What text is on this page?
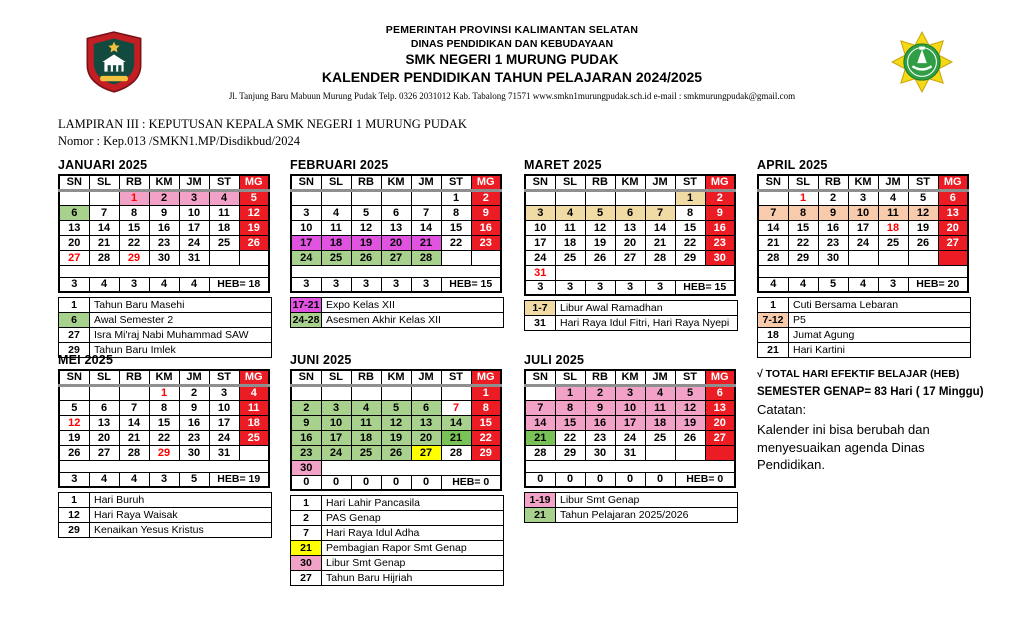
PEMERINTAH PROVINSI KALIMANTAN SELATAN
DINAS PENDIDIKAN DAN KEBUDAYAAN
SMK NEGERI 1 MURUNG PUDAK
KALENDER PENDIDIKAN TAHUN PELAJARAN 2024/2025
Jl. Tanjung Baru Mabuun Murung Pudak Telp. 0326 2031012 Kab. Tabalong 71571 www.smkn1murungpudak.sch.id e-mail : smkmurungpudak@gmail.com
LAMPIRAN III : KEPUTUSAN KEPALA SMK NEGERI 1 MURUNG PUDAK
Nomor : Kep.013 /SMKN1.MP/Disdikbud/2024
JANUARI 2025
SN	SL	RB	KM	JM	ST	MG
		1	2	3	4	5
6	7	8	9	10	11	12
13	14	15	16	17	18	19
20	21	22	23	24	25	26
27	28	29	30	31		

3	4	3	4	4	HEB= 18	
1	Tahun Baru Masehi
6	Awal Semester 2
27	Isra Mi'raj Nabi Muhammad SAW
29	Tahun Baru Imlek
FEBRUARI 2025
SN	SL	RB	KM	JM	ST	MG
					1	2
3	4	5	6	7	8	9
10	11	12	13	14	15	16
17	18	19	20	21	22	23
24	25	26	27	28		

3	3	3	3	3	HEB= 15	
17-21	Expo Kelas XII
24-28	Asesmen Akhir Kelas XII
MARET 2025
SN	SL	RB	KM	JM	ST	MG
					1	2
3	4	5	6	7	8	9
10	11	12	13	14	15	16
17	18	19	20	21	22	23
24	25	26	27	28	29	30
31						
3	3	3	3	3	HEB= 15	
1-7	Libur Awal Ramadhan
31	Hari Raya Idul Fitri, Hari Raya Nyepi
APRIL 2025
SN	SL	RB	KM	JM	ST	MG
	1	2	3	4	5	6
7	8	9	10	11	12	13
14	15	16	17	18	19	20
21	22	23	24	25	26	27
28	29	30				

4	4	5	4	3	HEB= 20	
1	Cuti Bersama Lebaran
7-12	P5
18	Jumat Agung
21	Hari Kartini
MEI 2025
SN	SL	RB	KM	JM	ST	MG
			1	2	3	4
5	6	7	8	9	10	11
12	13	14	15	16	17	18
19	20	21	22	23	24	25
26	27	28	29	30	31	

3	4	4	3	5	HEB= 19	
1	Hari Buruh
12	Hari Raya Waisak
29	Kenaikan Yesus Kristus
JUNI 2025
SN	SL	RB	KM	JM	ST	MG
						1
2	3	4	5	6	7	8
9	10	11	12	13	14	15
16	17	18	19	20	21	22
23	24	25	26	27	28	29
30						
0	0	0	0	0	HEB= 0	
1	Hari Lahir Pancasila
2	PAS Genap
7	Hari Raya Idul Adha
21	Pembagian Rapor Smt Genap
30	Libur Smt Genap
27	Tahun Baru Hijriah
JULI 2025
SN	SL	RB	KM	JM	ST	MG
	1	2	3	4	5	6
7	8	9	10	11	12	13
14	15	16	17	18	19	20
21	22	23	24	25	26	27
28	29	30	31			

0	0	0	0	0	HEB= 0	
1-19	Libur Smt Genap
21	Tahun Pelajaran 2025/2026
√ TOTAL HARI EFEKTIF BELAJAR (HEB)
SEMESTER GENAP= 83 Hari ( 17 Minggu)
Catatan:
Kalender ini bisa berubah dan menyesuaikan agenda Dinas Pendidikan.
